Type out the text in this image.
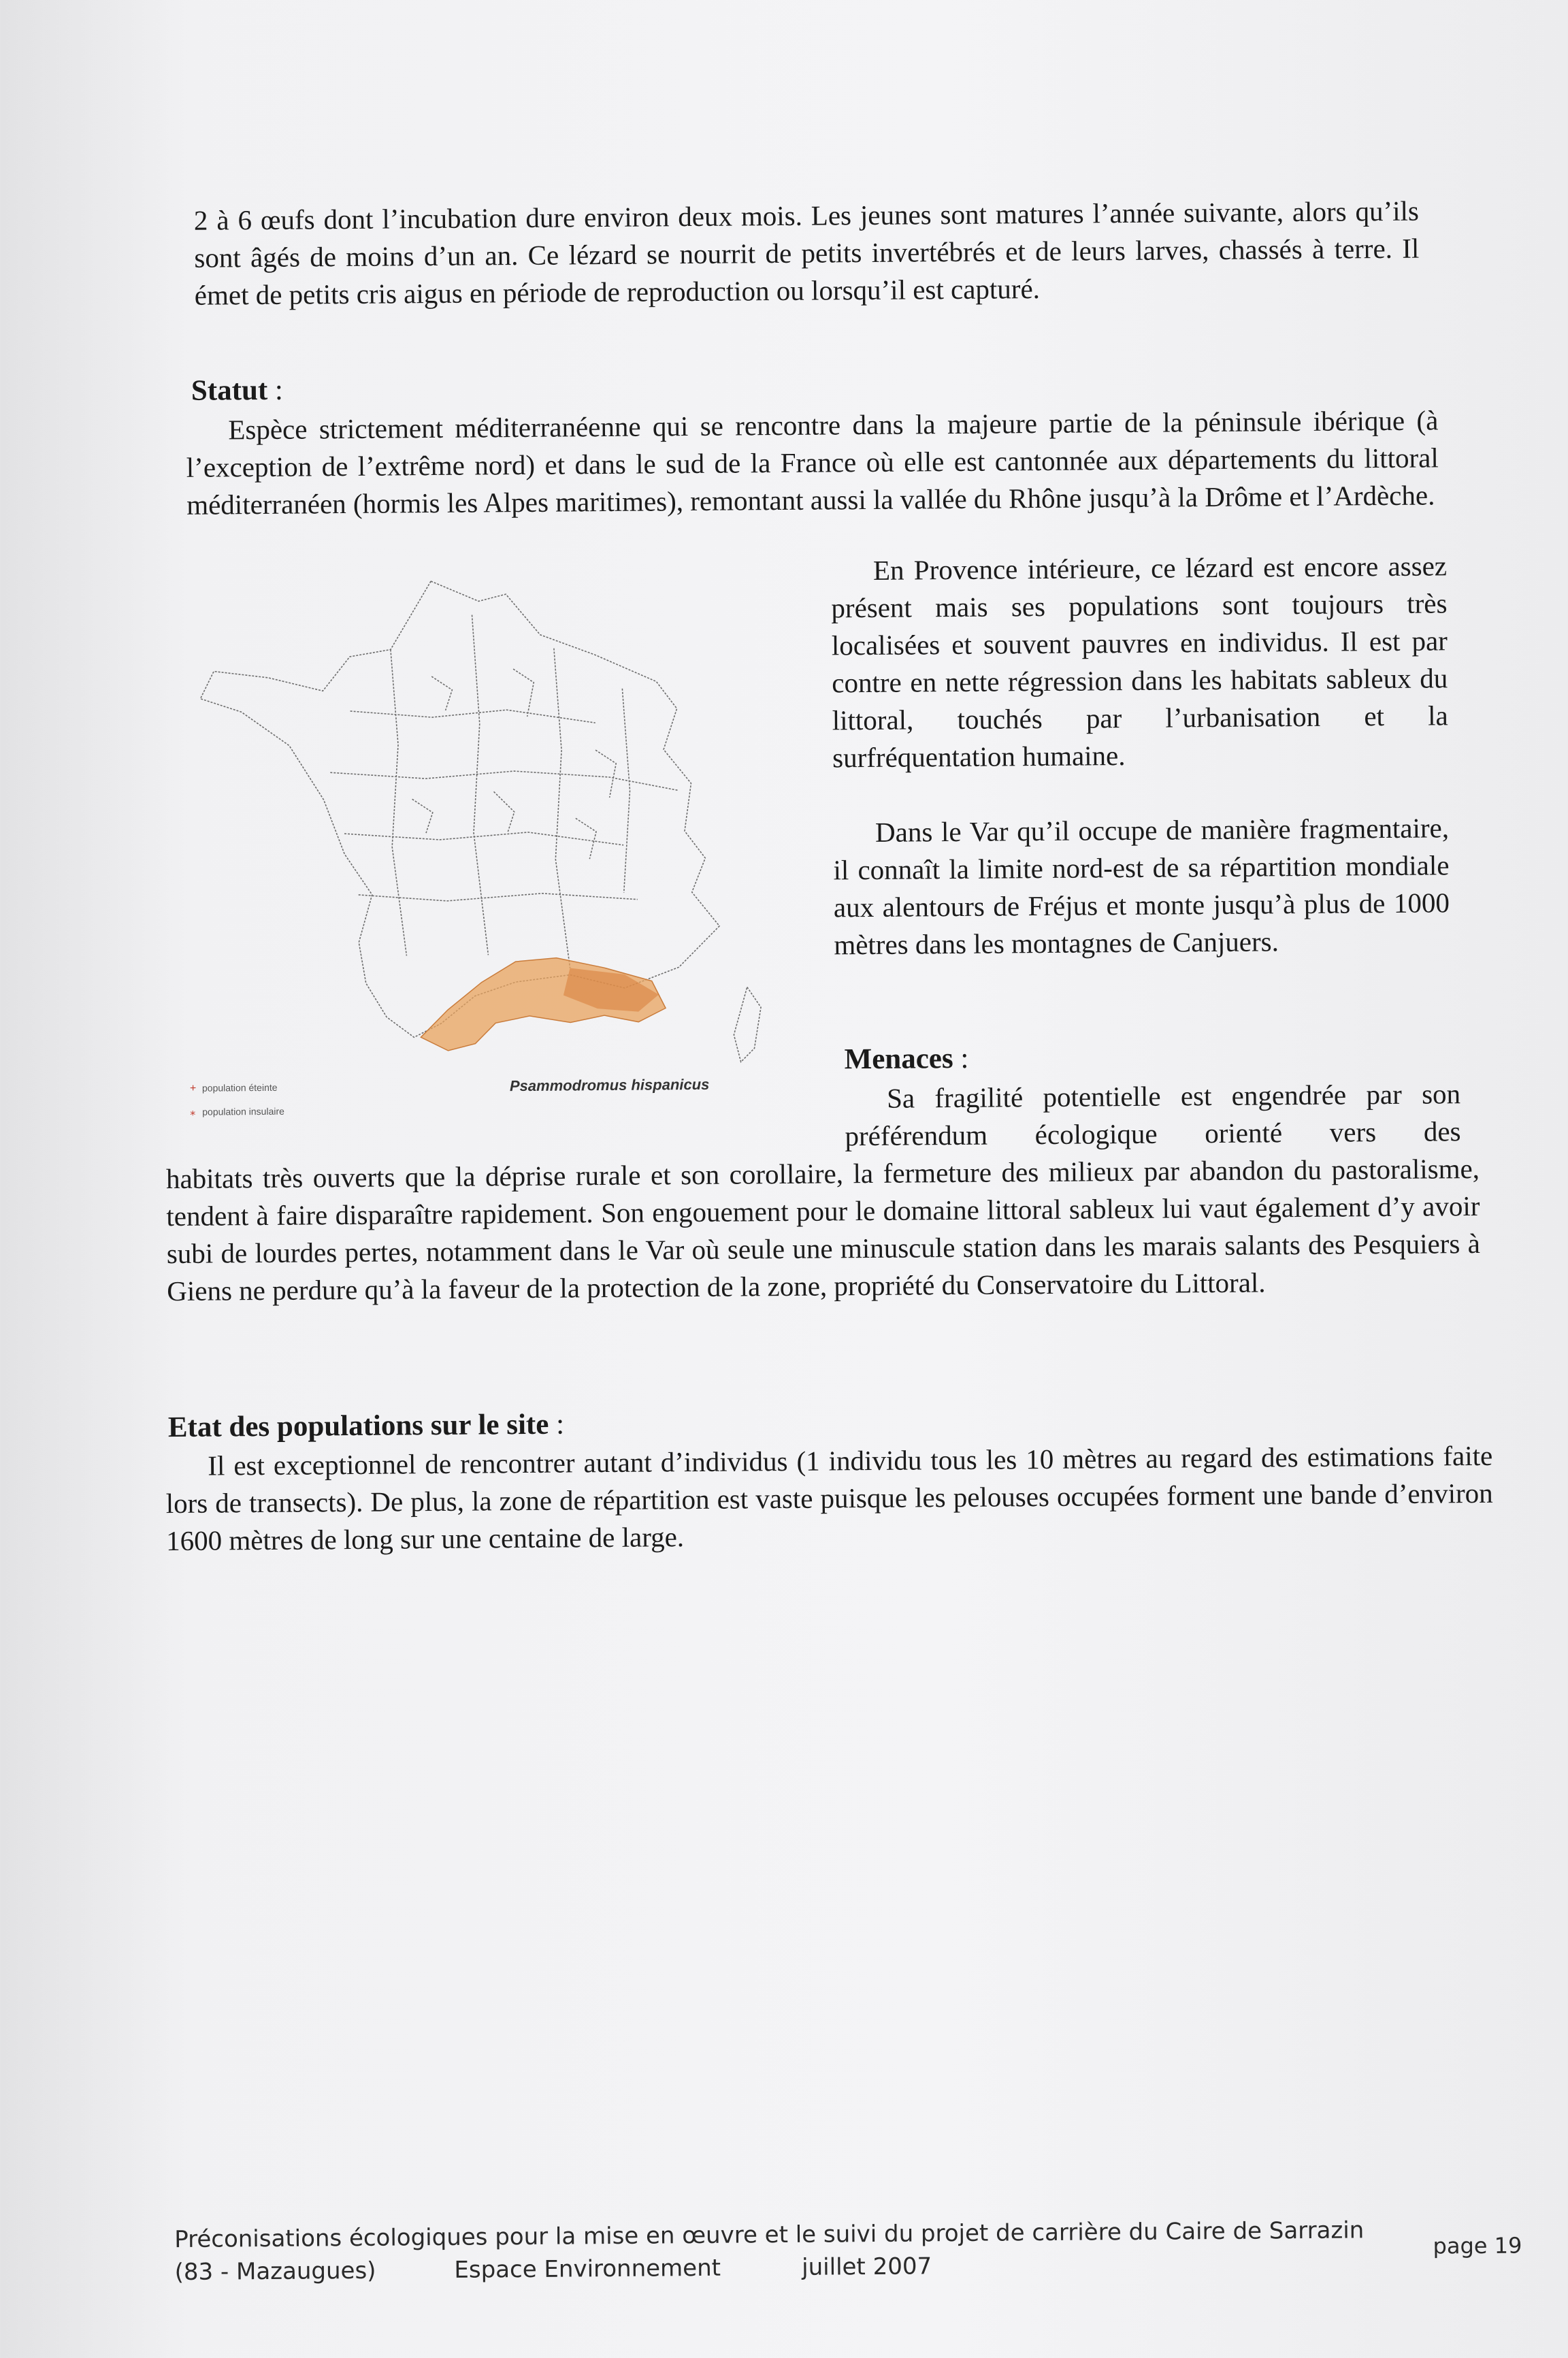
2 à 6 œufs dont l’incubation dure environ deux mois. Les jeunes sont matures l’année suivante, alors qu’ils sont âgés de moins d’un an. Ce lézard se nourrit de petits invertébrés et de leurs larves, chassés à terre. Il émet de petits cris aigus en période de reproduction ou lorsqu’il est capturé.

Statut :

Espèce strictement méditerranéenne qui se rencontre dans la majeure partie de la péninsule ibérique (à l’exception de l’extrême nord) et dans le sud de la France où elle est cantonnée aux départements du littoral méditerranéen (hormis les Alpes maritimes), remontant aussi la vallée du Rhône jusqu’à la Drôme et l’Ardèche.

+ population éteinte
⁎ population insulaire
Psammodromus hispanicus

En Provence intérieure, ce lézard est encore assez présent mais ses populations sont toujours très localisées et souvent pauvres en individus. Il est par contre en nette régression dans les habitats sableux du littoral, touchés par l’urbanisation et la surfréquentation humaine.

Dans le Var qu’il occupe de manière fragmentaire, il connaît la limite nord-est de sa répartition mondiale aux alentours de Fréjus et monte jusqu’à plus de 1000 mètres dans les montagnes de Canjuers.

Menaces :

Sa fragilité potentielle est engendrée par son préférendum écologique orienté vers des

habitats très ouverts que la déprise rurale et son corollaire, la fermeture des milieux par abandon du pastoralisme, tendent à faire disparaître rapidement. Son engouement pour le domaine littoral sableux lui vaut également d’y avoir subi de lourdes pertes, notamment dans le Var où seule une minuscule station dans les marais salants des Pesquiers à Giens ne perdure qu’à la faveur de la protection de la zone, propriété du Conservatoire du Littoral.

Etat des populations sur le site :

Il est exceptionnel de rencontrer autant d’individus (1 individu tous les 10 mètres au regard des estimations faite lors de transects). De plus, la zone de répartition est vaste puisque les pelouses occupées forment une bande d’environ 1600 mètres de long sur une centaine de large.

Préconisations écologiques pour la mise en œuvre et le suivi du projet de carrière du Caire de Sarrazin
(83 - Mazaugues)	Espace Environnement	juillet 2007
page 19
